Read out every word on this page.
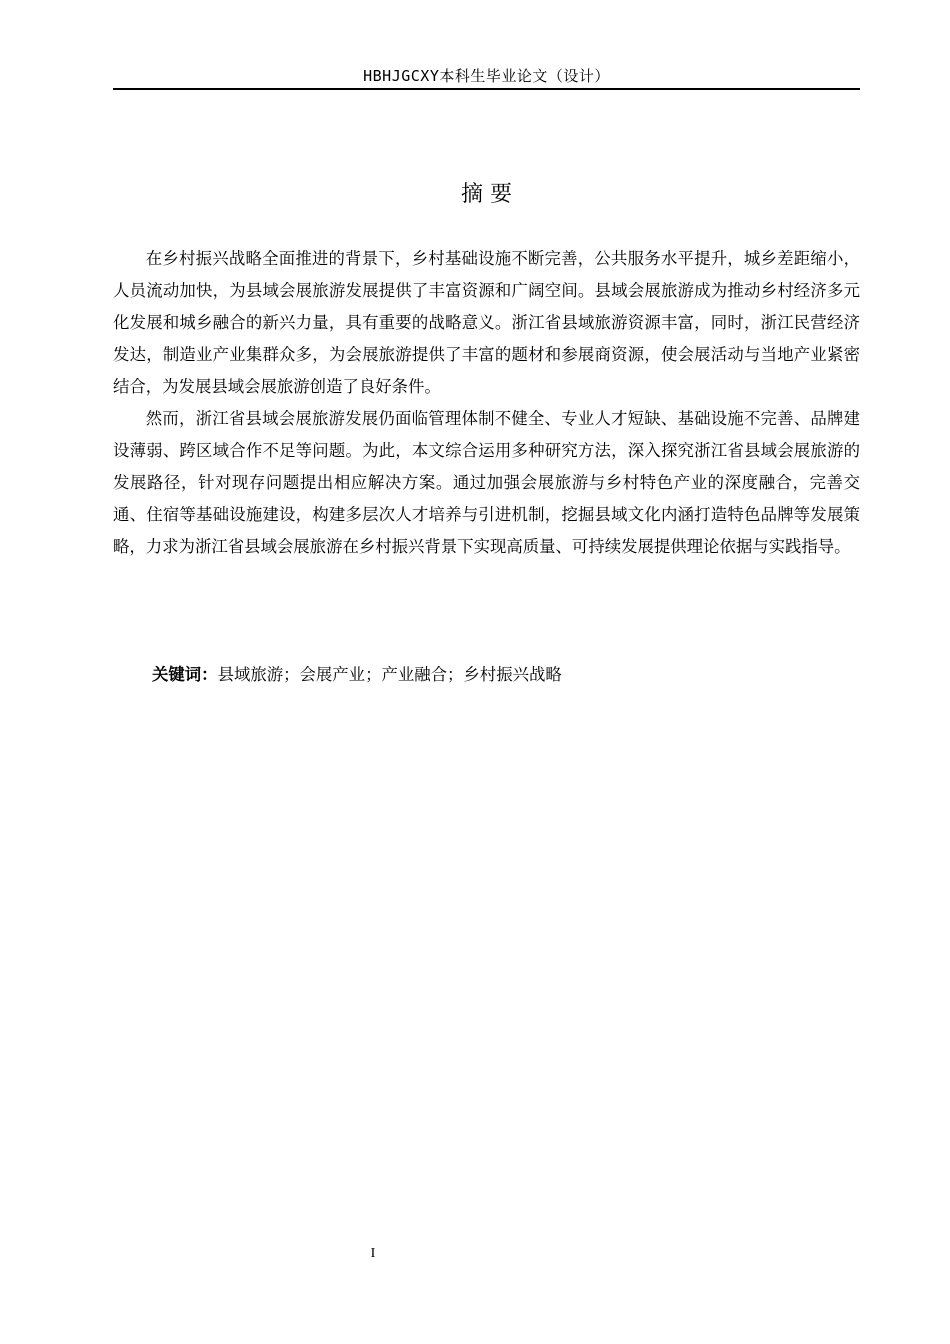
HBHJGCXY本科生毕业论文（设计）
摘 要

在乡村振兴战略全面推进的背景下，乡村基础设施不断完善，公共服务水平提升，城乡差距缩小，人员流动加快，为县域会展旅游发展提供了丰富资源和广阔空间。县域会展旅游成为推动乡村经济多元化发展和城乡融合的新兴力量，具有重要的战略意义。浙江省县域旅游资源丰富，同时，浙江民营经济发达，制造业产业集群众多，为会展旅游提供了丰富的题材和参展商资源，使会展活动与当地产业紧密结合，为发展县域会展旅游创造了良好条件。

然而，浙江省县域会展旅游发展仍面临管理体制不健全、专业人才短缺、基础设施不完善、品牌建设薄弱、跨区域合作不足等问题。为此，本文综合运用多种研究方法，深入探究浙江省县域会展旅游的发展路径，针对现存问题提出相应解决方案。通过加强会展旅游与乡村特色产业的深度融合，完善交通、住宿等基础设施建设，构建多层次人才培养与引进机制，挖掘县域文化内涵打造特色品牌等发展策略，力求为浙江省县域会展旅游在乡村振兴背景下实现高质量、可持续发展提供理论依据与实践指导。

关键词：县域旅游；会展产业；产业融合；乡村振兴战略
I
